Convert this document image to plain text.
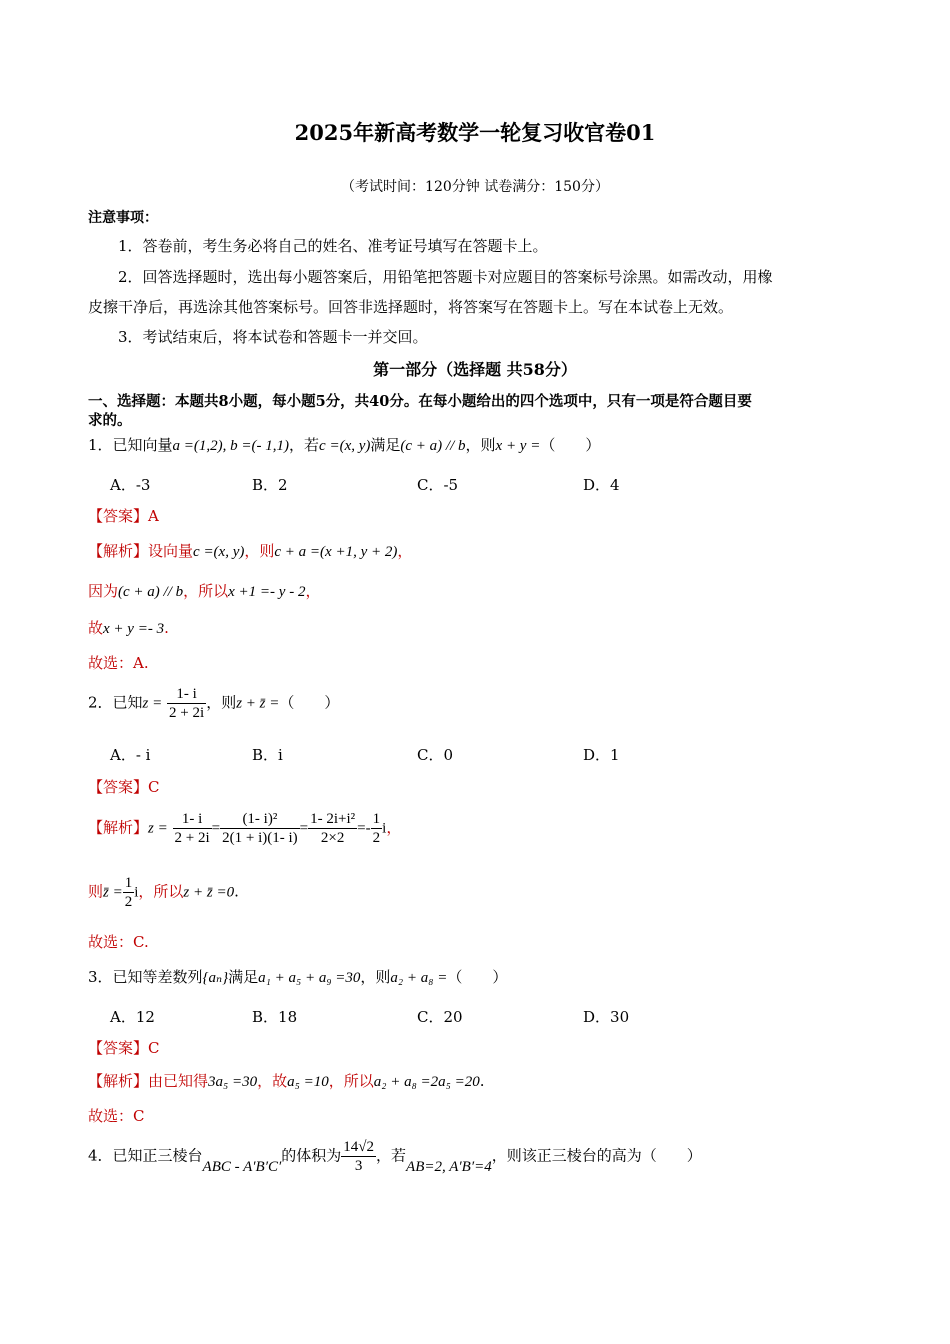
2025年新高考数学一轮复习收官卷01
（考试时间：120分钟 试卷满分：150分）
注意事项：
1．答卷前，考生务必将自己的姓名、准考证号填写在答题卡上。
2．回答选择题时，选出每小题答案后，用铅笔把答题卡对应题目的答案标号涂黑。如需改动，用橡
皮擦干净后，再选涂其他答案标号。回答非选择题时，将答案写在答题卡上。写在本试卷上无效。
3．考试结束后，将本试卷和答题卡一并交回。
第一部分（选择题 共58分）
一、选择题：本题共8小题，每小题5分，共40分。在每小题给出的四个选项中，只有一项是符合题目要
求的。
1．已知向量a =(1,2), b =(- 1,1)，若c =(x, y)满足(c + a) // b，则x + y =（　　）
A．-3	B．2	C．-5	D．4
【答案】A
【解析】设向量c =(x, y)，则c + a =(x +1, y + 2)，
因为(c + a) // b，所以x +1 =- y - 2，
故x + y =- 3.
故选：A.
2．已知$z = \frac{1- i}{2 + 2i}$ ，则z + z̄ =（　　）
A．- i	B．i	C．0	D．1
【答案】C
【解析】$z = \frac{1- i}{2 + 2i} = \frac{\text{(1- i)²}}{2(1 + i)(1- i)} = \frac{\text{1- 2i+i²}}{2\times 2} =- \frac{1}{2}$ i，
则z̄ = $\frac{1}{2}$ i，所以z + z̄ =0.
故选：C.
3．已知等差数列{aₙ}满足a₁ + a₅ + a₉ =30，则a₂ + a₈ =（　　）
A．12	B．18	C．20	D．30
【答案】C
【解析】由已知得3a₅ =30，故a₅ =10，所以a₂ + a₈ =2a₅ =20.
故选：C
4．已知正三棱台ABC - A′B′C′的体积为 $\frac{14√2}{3}$ ，若AB=2, A′B′=4，则该正三棱台的高为（　　）
